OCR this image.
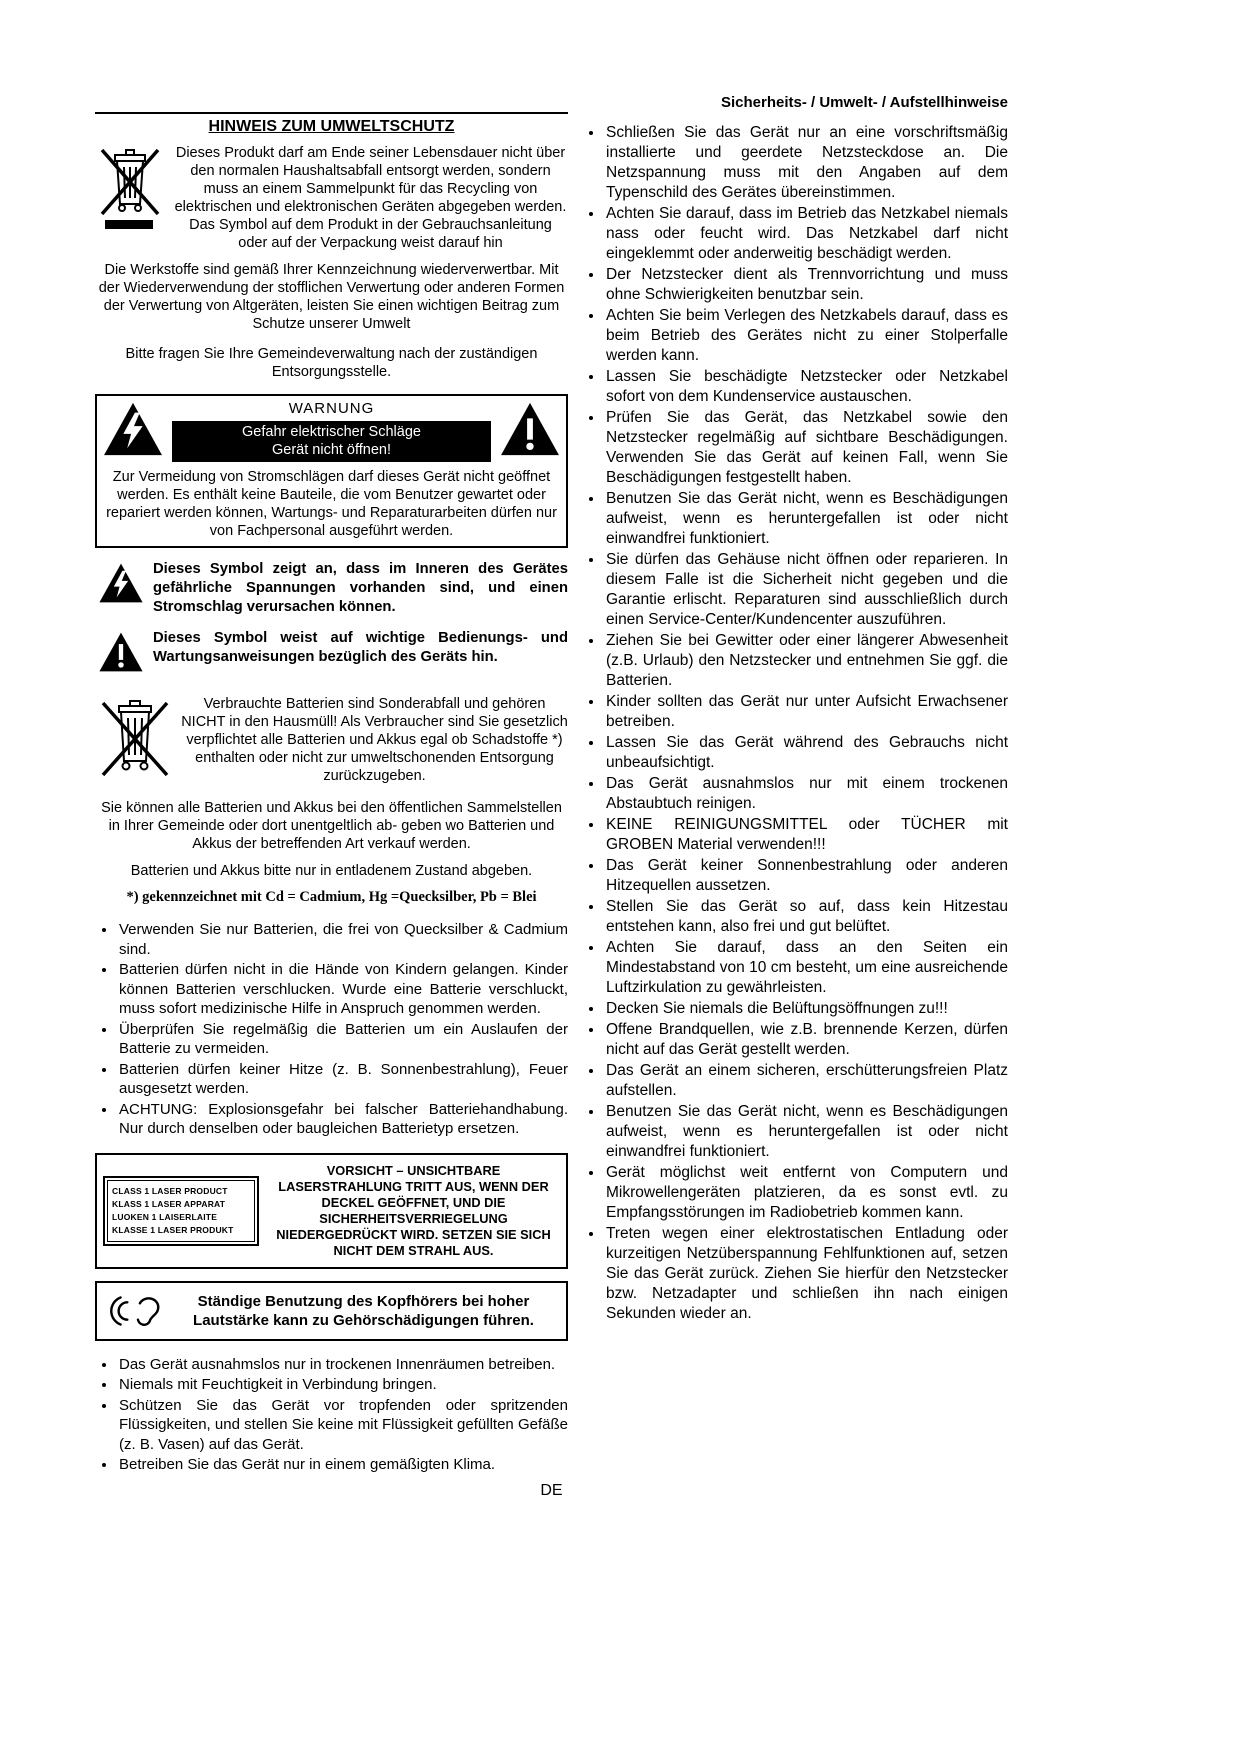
HINWEIS ZUM UMWELTSCHUTZ

Dieses Produkt darf am Ende seiner Lebensdauer nicht über den normalen Haushaltsabfall entsorgt werden, sondern muss an einem Sammelpunkt für das Recycling von elektrischen und elektronischen Geräten abgegeben werden. Das Symbol auf dem Produkt in der Gebrauchsanleitung oder auf der Verpackung weist darauf hin

Die Werkstoffe sind gemäß Ihrer Kennzeichnung wiederverwertbar. Mit der Wiederverwendung der stofflichen Verwertung oder anderen Formen der Verwertung von Altgeräten, leisten Sie einen wichtigen Beitrag zum Schutze unserer Umwelt

Bitte fragen Sie Ihre Gemeindeverwaltung nach der zuständigen Entsorgungsstelle.

WARNUNG
Gefahr elektrischer Schläge
Gerät nicht öffnen!

Zur Vermeidung von Stromschlägen darf dieses Gerät nicht geöffnet werden. Es enthält keine Bauteile, die vom Benutzer gewartet oder repariert werden können, Wartungs- und Reparaturarbeiten dürfen nur von Fachpersonal ausgeführt werden.

Dieses Symbol zeigt an, dass im Inneren des Gerätes gefährliche Spannungen vorhanden sind, und einen Stromschlag verursachen können.

Dieses Symbol weist auf wichtige Bedienungs- und Wartungsanweisungen bezüglich des Geräts hin.

Verbrauchte Batterien sind Sonderabfall und gehören NICHT in den Hausmüll! Als Verbraucher sind Sie gesetzlich verpflichtet alle Batterien und Akkus egal ob Schadstoffe *) enthalten oder nicht zur umweltschonenden Entsorgung zurückzugeben.

Sie können alle Batterien und Akkus bei den öffentlichen Sammelstellen in Ihrer Gemeinde oder dort unentgeltlich ab- geben wo Batterien und Akkus der betreffenden Art verkauf werden.

Batterien und Akkus bitte nur in entladenem Zustand abgeben.

*) gekennzeichnet mit Cd = Cadmium, Hg =Quecksilber, Pb = Blei

• Verwenden Sie nur Batterien, die frei von Quecksilber & Cadmium sind.
• Batterien dürfen nicht in die Hände von Kindern gelangen. Kinder können Batterien verschlucken. Wurde eine Batterie verschluckt, muss sofort medizinische Hilfe in Anspruch genommen werden.
• Überprüfen Sie regelmäßig die Batterien um ein Auslaufen der Batterie zu vermeiden.
• Batterien dürfen keiner Hitze (z. B. Sonnenbestrahlung), Feuer ausgesetzt werden.
• ACHTUNG: Explosionsgefahr bei falscher Batteriehandhabung. Nur durch denselben oder baugleichen Batterietyp ersetzen.
CLASS 1 LASER PRODUCT
KLASS 1 LASER APPARAT
LUOKEN 1 LAISERLAITE
KLASSE 1 LASER PRODUKT

VORSICHT – UNSICHTBARE LASERSTRAHLUNG TRITT AUS, WENN DER DECKEL GEÖFFNET, UND DIE SICHERHEITSVERRIEGELUNG NIEDERGEDRÜCKT WIRD. SETZEN SIE SICH NICHT DEM STRAHL AUS.

Ständige Benutzung des Kopfhörers bei hoher Lautstärke kann zu Gehörschädigungen führen.

• Das Gerät ausnahmslos nur in trockenen Innenräumen betreiben.
• Niemals mit Feuchtigkeit in Verbindung bringen.
• Schützen Sie das Gerät vor tropfenden oder spritzenden Flüssigkeiten, und stellen Sie keine mit Flüssigkeit gefüllten Gefäße (z. B. Vasen) auf das Gerät.
• Betreiben Sie das Gerät nur in einem gemäßigten Klima.
Sicherheits- / Umwelt- / Aufstellhinweise
• Schließen Sie das Gerät nur an eine vorschriftsmäßig installierte und geerdete Netzsteckdose an. Die Netzspannung muss mit den Angaben auf dem Typenschild des Gerätes übereinstimmen.
• Achten Sie darauf, dass im Betrieb das Netzkabel niemals nass oder feucht wird. Das Netzkabel darf nicht eingeklemmt oder anderweitig beschädigt werden.
• Der Netzstecker dient als Trennvorrichtung und muss ohne Schwierigkeiten benutzbar sein.
• Achten Sie beim Verlegen des Netzkabels darauf, dass es beim Betrieb des Gerätes nicht zu einer Stolperfalle werden kann.
• Lassen Sie beschädigte Netzstecker oder Netzkabel sofort von dem Kundenservice austauschen.
• Prüfen Sie das Gerät, das Netzkabel sowie den Netzstecker regelmäßig auf sichtbare Beschädigungen. Verwenden Sie das Gerät auf keinen Fall, wenn Sie Beschädigungen festgestellt haben.
• Benutzen Sie das Gerät nicht, wenn es Beschädigungen aufweist, wenn es heruntergefallen ist oder nicht einwandfrei funktioniert.
• Sie dürfen das Gehäuse nicht öffnen oder reparieren. In diesem Falle ist die Sicherheit nicht gegeben und die Garantie erlischt. Reparaturen sind ausschließlich durch einen Service-Center/Kundencenter auszuführen.
• Ziehen Sie bei Gewitter oder einer längerer Abwesenheit (z.B. Urlaub) den Netzstecker und entnehmen Sie ggf. die Batterien.
• Kinder sollten das Gerät nur unter Aufsicht Erwachsener betreiben.
• Lassen Sie das Gerät während des Gebrauchs nicht unbeaufsichtigt.
• Das Gerät ausnahmslos nur mit einem trockenen Abstaubtuch reinigen.
• KEINE REINIGUNGSMITTEL oder TÜCHER mit GROBEN Material verwenden!!!
• Das Gerät keiner Sonnenbestrahlung oder anderen Hitzequellen aussetzen.
• Stellen Sie das Gerät so auf, dass kein Hitzestau entstehen kann, also frei und gut belüftet.
• Achten Sie darauf, dass an den Seiten ein Mindestabstand von 10 cm besteht, um eine ausreichende Luftzirkulation zu gewährleisten.
• Decken Sie niemals die Belüftungsöffnungen zu!!!
• Offene Brandquellen, wie z.B. brennende Kerzen, dürfen nicht auf das Gerät gestellt werden.
• Das Gerät an einem sicheren, erschütterungsfreien Platz aufstellen.
• Benutzen Sie das Gerät nicht, wenn es Beschädigungen aufweist, wenn es heruntergefallen ist oder nicht einwandfrei funktioniert.
• Gerät möglichst weit entfernt von Computern und Mikrowellengeräten platzieren, da es sonst evtl. zu Empfangsstörungen im Radiobetrieb kommen kann.
• Treten wegen einer elektrostatischen Entladung oder kurzeitigen Netzüberspannung Fehlfunktionen auf, setzen Sie das Gerät zurück. Ziehen Sie hierfür den Netzstecker bzw. Netzadapter und schließen ihn nach einigen Sekunden wieder an.
DE
